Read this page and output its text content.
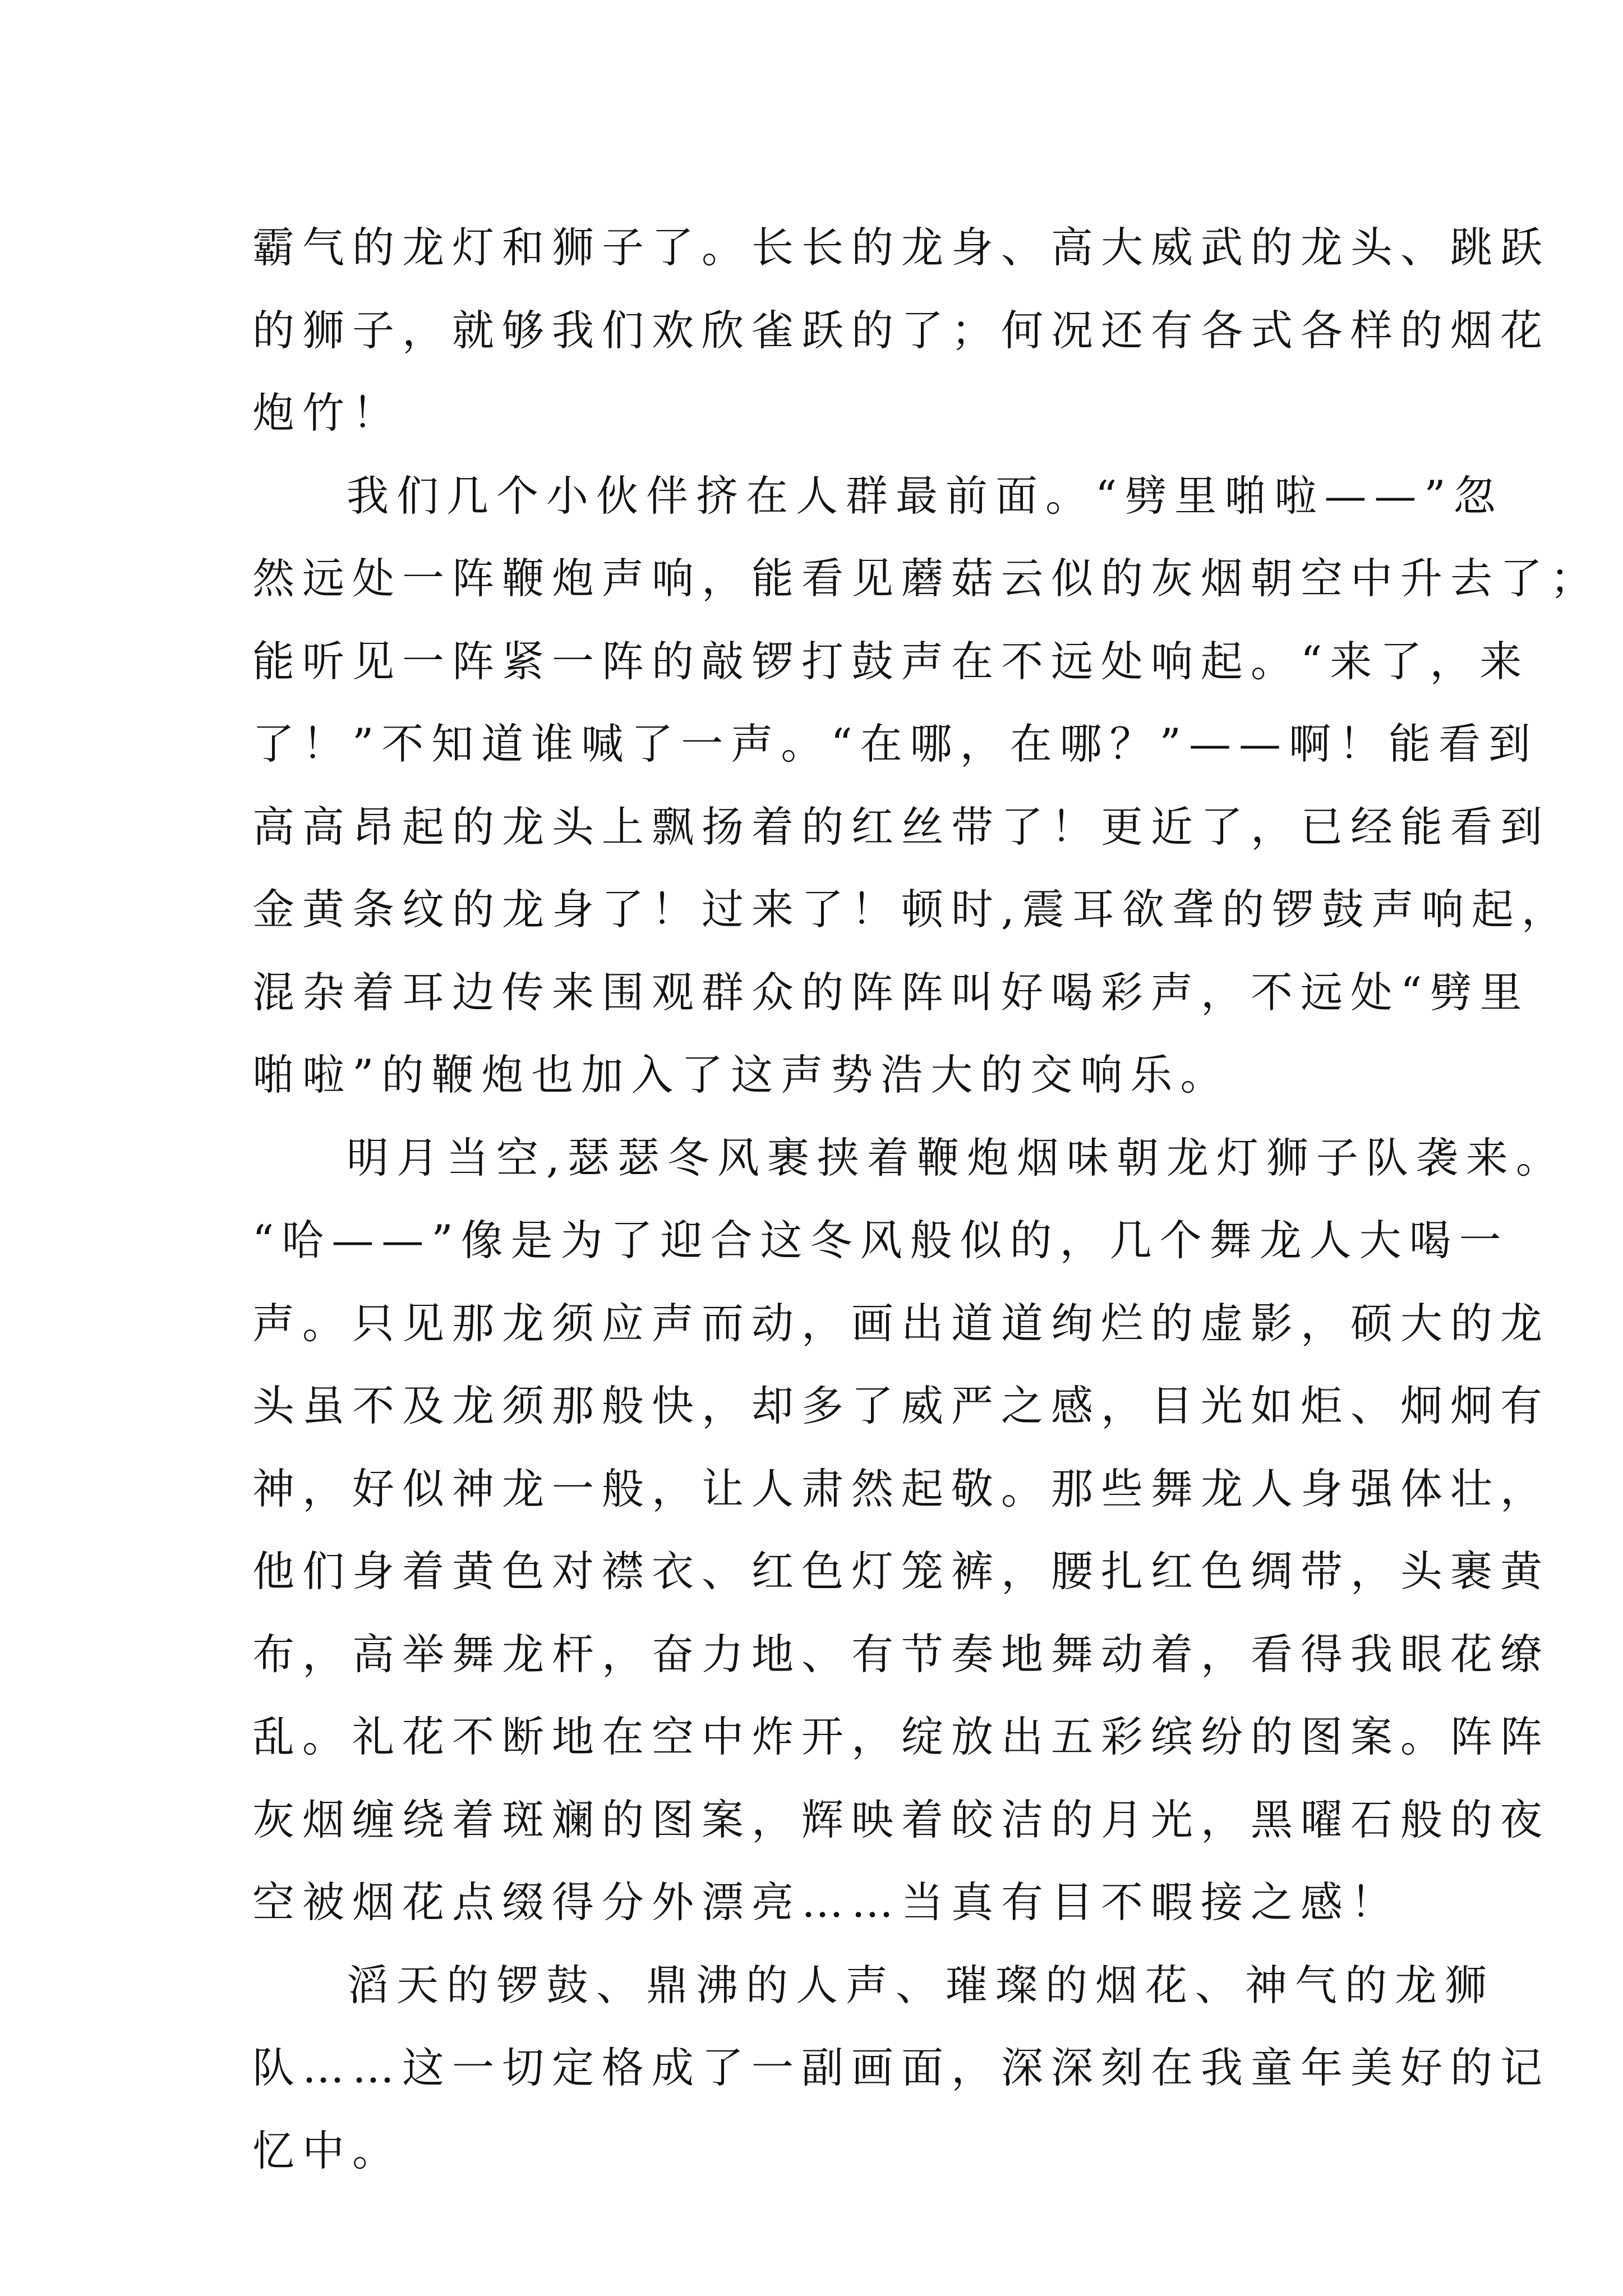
霸气的龙灯和狮子了。长长的龙身、高大威武的龙头、跳跃
的狮子，就够我们欢欣雀跃的了；何况还有各式各样的烟花
炮竹！
我们几个小伙伴挤在人群最前面。“劈里啪啦——”忽
然远处一阵鞭炮声响，能看见蘑菇云似的灰烟朝空中升去了；
能听见一阵紧一阵的敲锣打鼓声在不远处响起。“来了，来
了！”不知道谁喊了一声。“在哪，在哪？”——啊！能看到
高高昂起的龙头上飘扬着的红丝带了！更近了，已经能看到
金黄条纹的龙身了！过来了！顿时,震耳欲聋的锣鼓声响起，
混杂着耳边传来围观群众的阵阵叫好喝彩声，不远处“劈里
啪啦”的鞭炮也加入了这声势浩大的交响乐。
明月当空,瑟瑟冬风裹挟着鞭炮烟味朝龙灯狮子队袭来。
“哈——”像是为了迎合这冬风般似的，几个舞龙人大喝一
声。只见那龙须应声而动，画出道道绚烂的虚影，硕大的龙
头虽不及龙须那般快，却多了威严之感，目光如炬、炯炯有
神，好似神龙一般，让人肃然起敬。那些舞龙人身强体壮，
他们身着黄色对襟衣、红色灯笼裤，腰扎红色绸带，头裹黄
布，高举舞龙杆，奋力地、有节奏地舞动着，看得我眼花缭
乱。礼花不断地在空中炸开，绽放出五彩缤纷的图案。阵阵
灰烟缠绕着斑斓的图案，辉映着皎洁的月光，黑曜石般的夜
空被烟花点缀得分外漂亮……当真有目不暇接之感！
滔天的锣鼓、鼎沸的人声、璀璨的烟花、神气的龙狮
队……这一切定格成了一副画面，深深刻在我童年美好的记
忆中。
